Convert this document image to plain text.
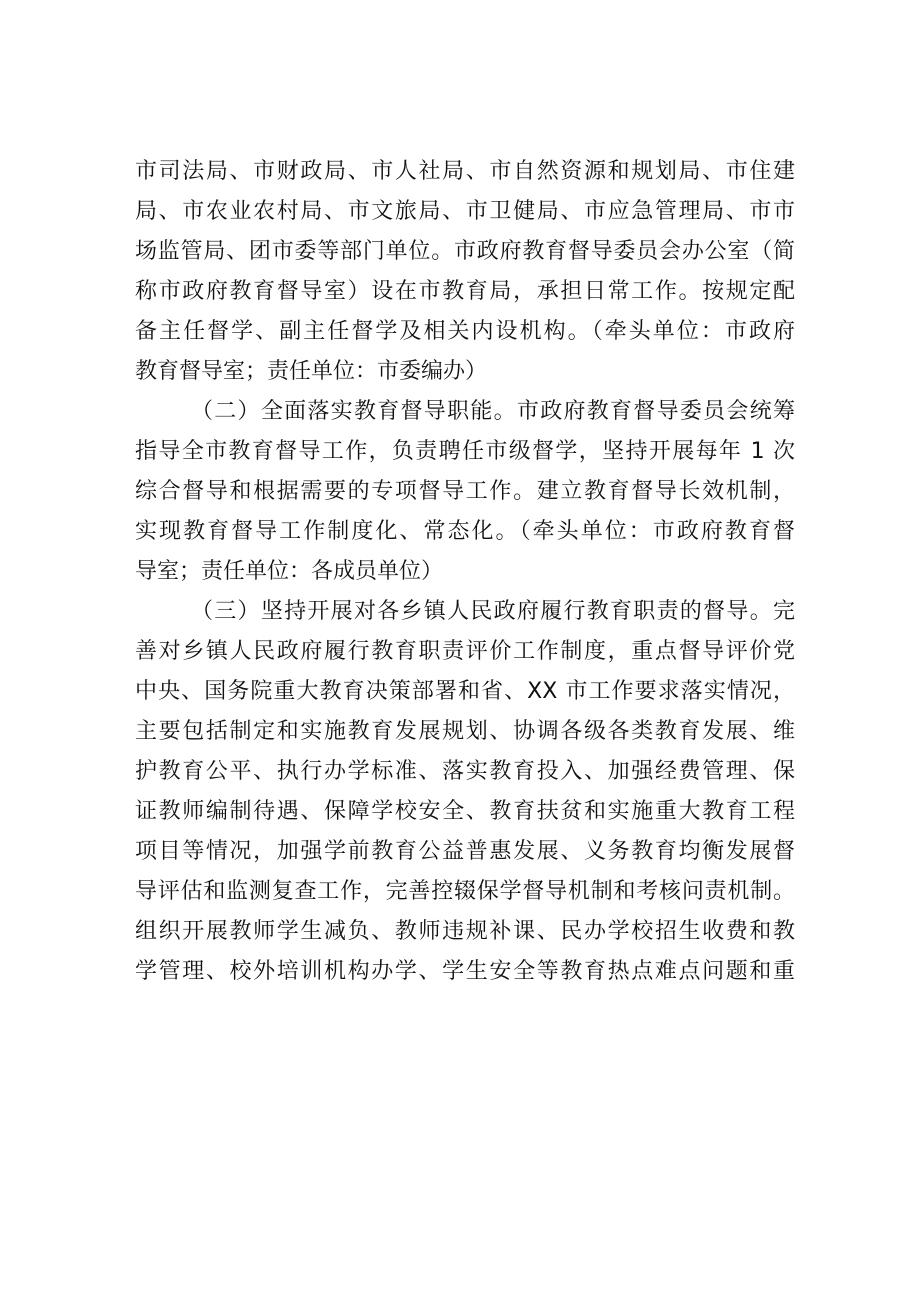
市司法局、市财政局、市人社局、市自然资源和规划局、市住建
局、市农业农村局、市文旅局、市卫健局、市应急管理局、市市
场监管局、团市委等部门单位。市政府教育督导委员会办公室（简
称市政府教育督导室）设在市教育局，承担日常工作。按规定配
备主任督学、副主任督学及相关内设机构。（牵头单位：市政府
教育督导室；责任单位：市委编办）
（二）全面落实教育督导职能。市政府教育督导委员会统筹
指导全市教育督导工作，负责聘任市级督学，坚持开展每年 1 次
综合督导和根据需要的专项督导工作。建立教育督导长效机制，
实现教育督导工作制度化、常态化。（牵头单位：市政府教育督
导室；责任单位：各成员单位）
（三）坚持开展对各乡镇人民政府履行教育职责的督导。完
善对乡镇人民政府履行教育职责评价工作制度，重点督导评价党
中央、国务院重大教育决策部署和省、XX 市工作要求落实情况，
主要包括制定和实施教育发展规划、协调各级各类教育发展、维
护教育公平、执行办学标准、落实教育投入、加强经费管理、保
证教师编制待遇、保障学校安全、教育扶贫和实施重大教育工程
项目等情况，加强学前教育公益普惠发展、义务教育均衡发展督
导评估和监测复查工作，完善控辍保学督导机制和考核问责机制。
组织开展教师学生减负、教师违规补课、民办学校招生收费和教
学管理、校外培训机构办学、学生安全等教育热点难点问题和重
